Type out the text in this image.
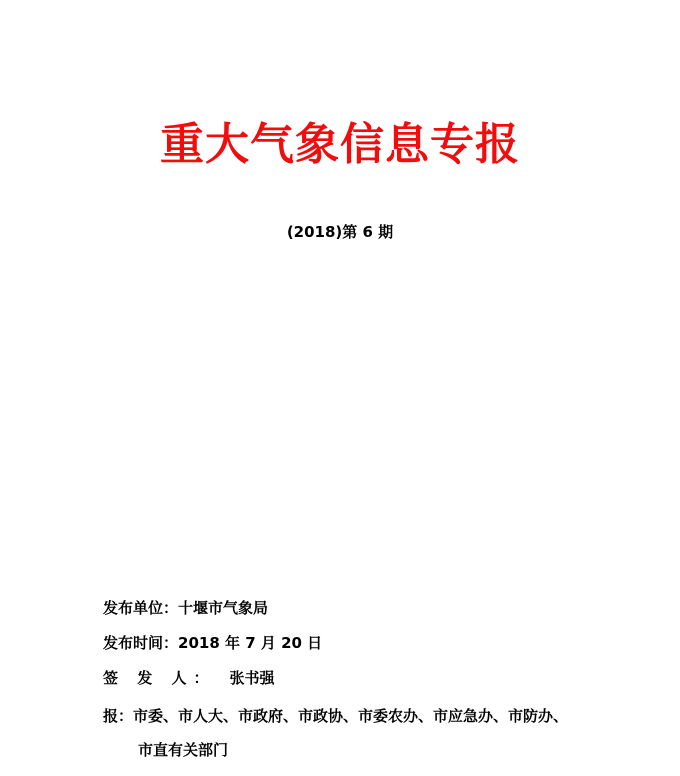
重大气象信息专报
(2018)第 6 期
发布单位：十堰市气象局
发布时间：2018 年 7 月 20 日
签 发 人： 张书强
报：市委、市人大、市政府、市政协、市委农办、市应急办、市防办、
市直有关部门
